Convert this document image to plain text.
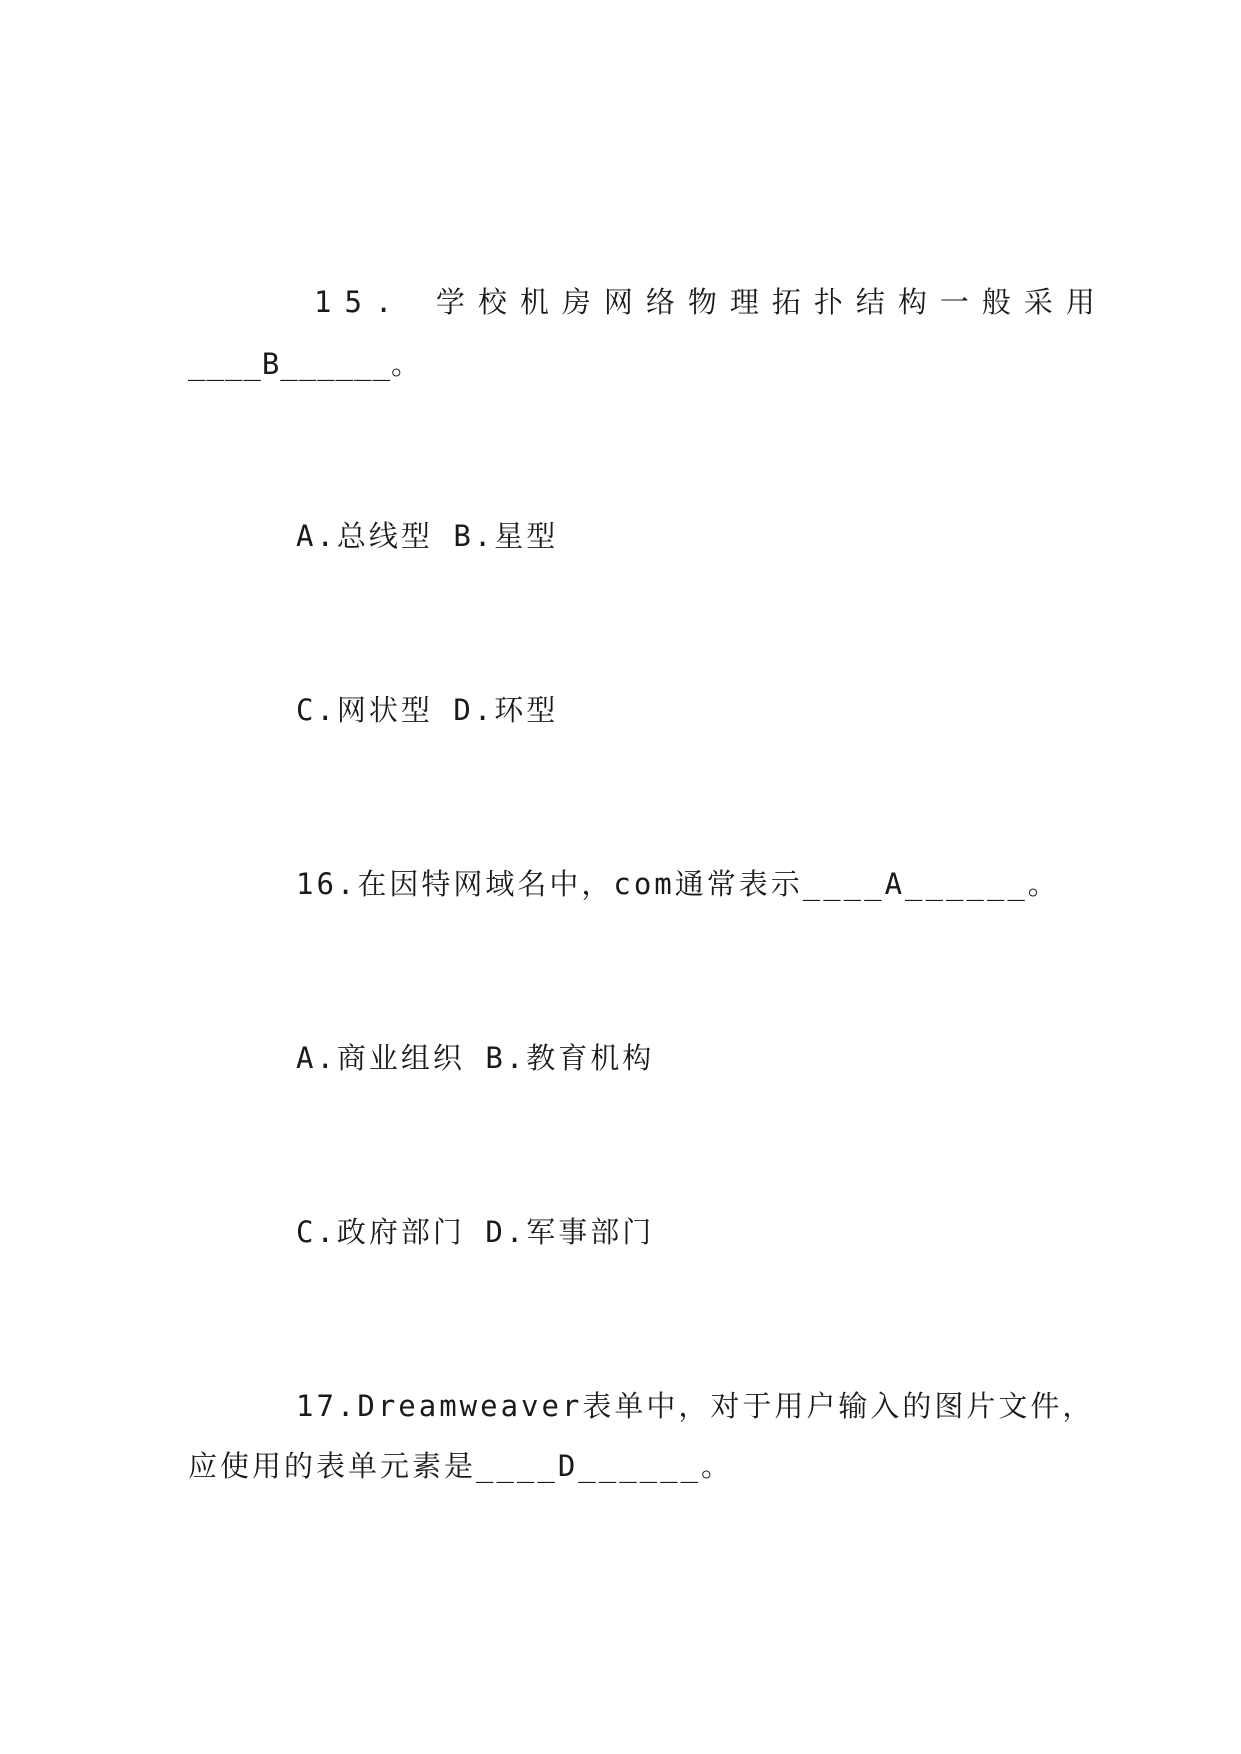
15. 学校机房网络物理拓扑结构一般采用
____B______。
A.总线型 B.星型
C.网状型 D.环型
16.在因特网域名中，com通常表示____A______。
A.商业组织 B.教育机构
C.政府部门 D.军事部门
17.Dreamweaver表单中，对于用户输入的图片文件，
应使用的表单元素是____D______。
